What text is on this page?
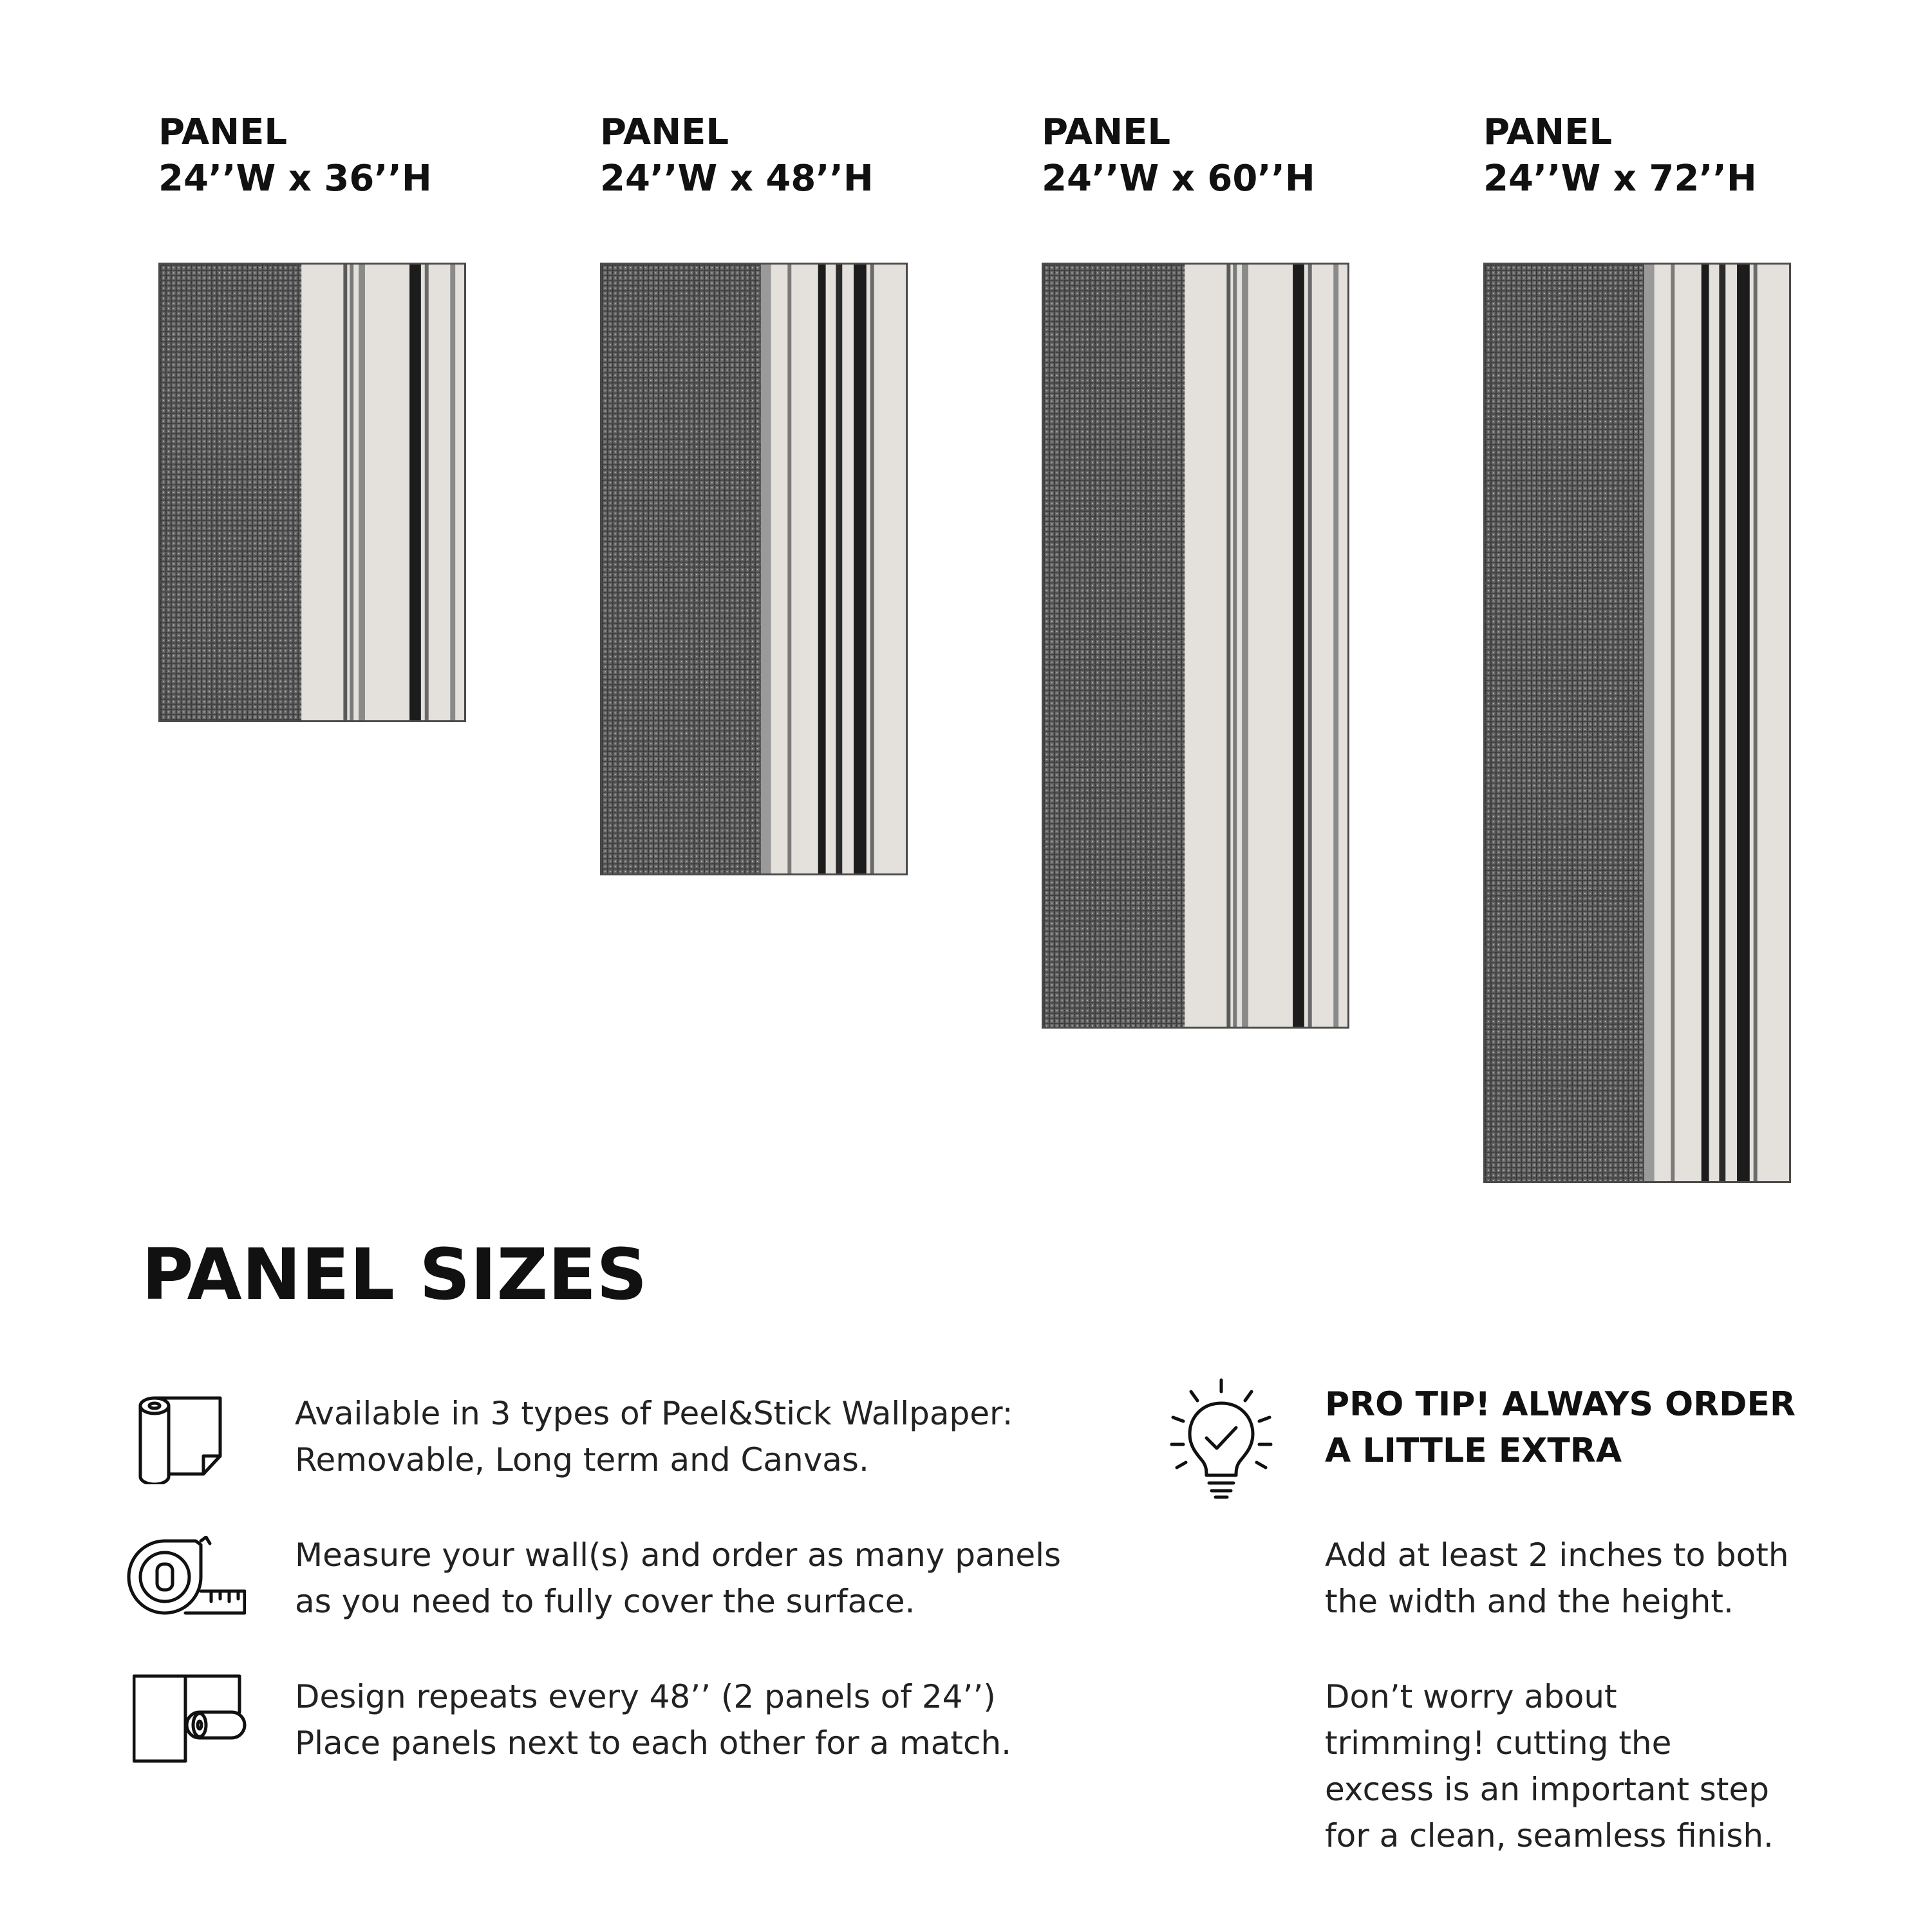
PANEL
24’’W x 36’’H
PANEL
24’’W x 48’’H
PANEL
24’’W x 60’’H
PANEL
24’’W x 72’’H
PANEL SIZES
Available in 3 types of Peel&Stick Wallpaper:
Removable, Long term and Canvas.
Measure your wall(s) and order as many panels
as you need to fully cover the surface.
Design repeats every 48’’ (2 panels of 24’’)
Place panels next to each other for a match.
PRO TIP! ALWAYS ORDER
A LITTLE EXTRA
Add at least 2 inches to both
the width and the height.
Don’t worry about
trimming! cutting the
excess is an important step
for a clean, seamless finish.
